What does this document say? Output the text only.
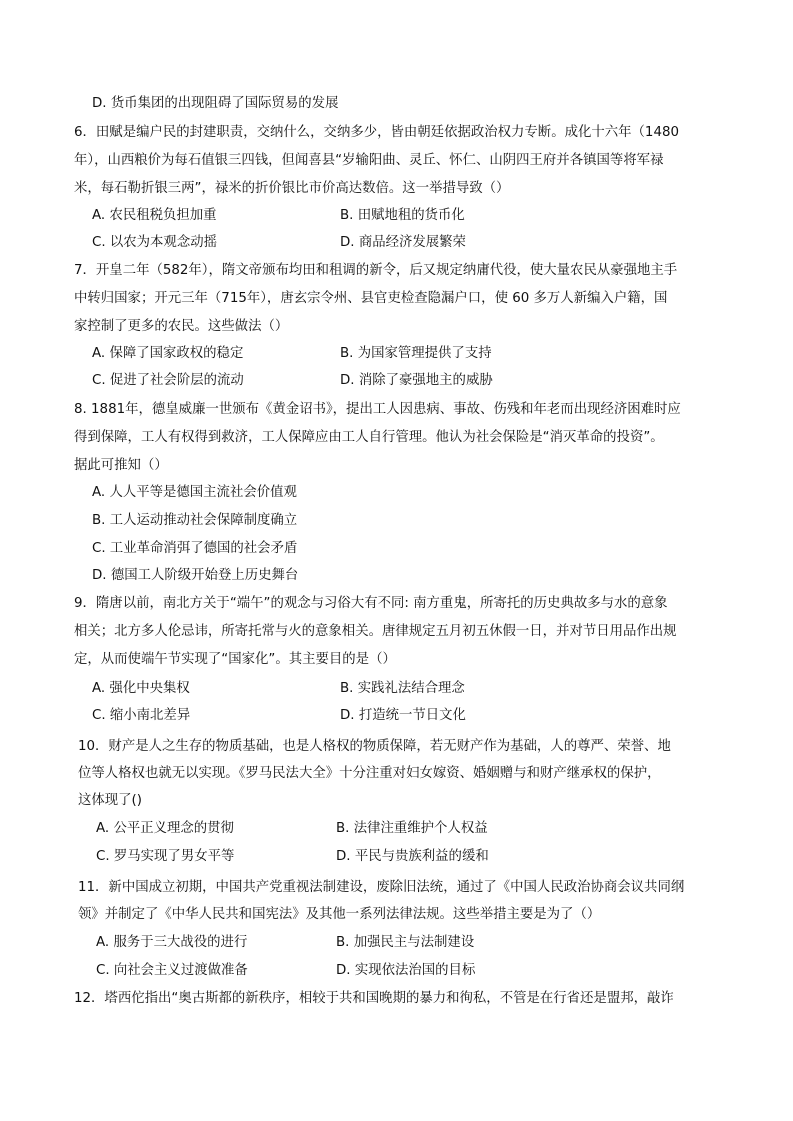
D. 货币集团的出现阻碍了国际贸易的发展
6．田赋是编户民的封建职责，交纳什么，交纳多少，皆由朝廷依据政治权力专断。成化十六年（1480
年），山西粮价为每石值银三四钱，但闻喜县“岁输阳曲、灵丘、怀仁、山阴四王府并各镇国等将军禄
米，每石勒折银三两”，禄米的折价银比市价高达数倍。这一举措导致（）
A. 农民租税负担加重	B. 田赋地租的货币化
C. 以农为本观念动摇	D. 商品经济发展繁荣
7．开皇二年（582年），隋文帝颁布均田和租调的新令，后又规定纳庸代役，使大量农民从豪强地主手
中转归国家；开元三年（715年），唐玄宗令州、县官吏检查隐漏户口，使 60 多万人新编入户籍，国
家控制了更多的农民。这些做法（）
A. 保障了国家政权的稳定	B. 为国家管理提供了支持
C. 促进了社会阶层的流动	D. 消除了豪强地主的威胁
8. 1881年，德皇威廉一世颁布《黄金诏书》，提出工人因患病、事故、伤残和年老而出现经济困难时应
得到保障，工人有权得到救济，工人保障应由工人自行管理。他认为社会保险是“消灭革命的投资”。
据此可推知（）
A. 人人平等是德国主流社会价值观
B. 工人运动推动社会保障制度确立
C. 工业革命消弭了德国的社会矛盾
D. 德国工人阶级开始登上历史舞台
9．隋唐以前，南北方关于“端午”的观念与习俗大有不同: 南方重鬼，所寄托的历史典故多与水的意象
相关；北方多人伦忌讳，所寄托常与火的意象相关。唐律规定五月初五休假一日，并对节日用品作出规
定，从而使端午节实现了“国家化”。其主要目的是（）
A. 强化中央集权	B. 实践礼法结合理念
C. 缩小南北差异	D. 打造统一节日文化
10．财产是人之生存的物质基础，也是人格权的物质保障，若无财产作为基础，人的尊严、荣誉、地
位等人格权也就无以实现。《罗马民法大全》十分注重对妇女嫁资、婚姻赠与和财产继承权的保护，
这体现了()
A. 公平正义理念的贯彻	B. 法律注重维护个人权益
C. 罗马实现了男女平等	D. 平民与贵族利益的缓和
11．新中国成立初期，中国共产党重视法制建设，废除旧法统，通过了《中国人民政治协商会议共同纲
领》并制定了《中华人民共和国宪法》及其他一系列法律法规。这些举措主要是为了（）
A. 服务于三大战役的进行	B. 加强民主与法制建设
C. 向社会主义过渡做准备	D. 实现依法治国的目标
12．塔西佗指出“奥古斯都的新秩序，相较于共和国晚期的暴力和徇私，不管是在行省还是盟邦，敲诈
